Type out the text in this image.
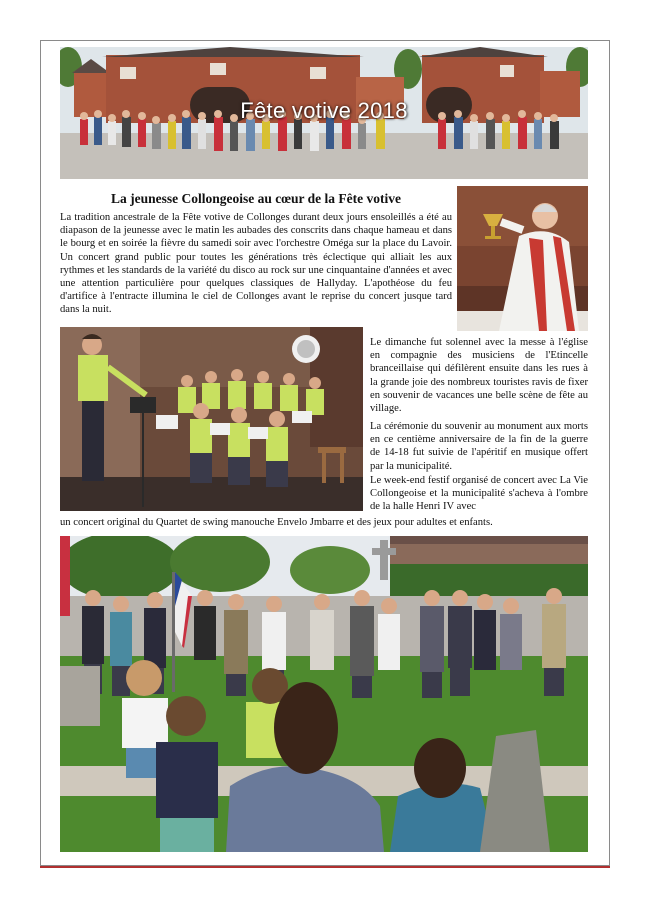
Fête votive 2018
La jeunesse Collongeoise au cœur de la Fête votive

La tradition ancestrale de la Fête votive de Collonges durant deux jours ensoleillés a été au diapason de la jeunesse avec le matin les aubades des conscrits dans chaque hameau et dans le bourg et en soirée la fièvre du samedi soir avec l'orchestre Oméga sur la place du Lavoir. Un concert grand public pour toutes les générations très éclectique qui alliait les aux rythmes et les standards de la variété du disco au rock sur une cinquantaine d'années et avec une attention particulière pour quelques classiques de Hallyday. L'apothéose du feu d'artifice à l'entracte illumina le ciel de Collonges avant le reprise du concert jusque tard dans la nuit.

Le dimanche fut solennel avec la messe à l'église en compagnie des musiciens de l'Etincelle branceillaise qui défilèrent ensuite dans les rues à la grande joie des nombreux touristes ravis de fixer en souvenir de vacances une belle scène de fête au village.

La cérémonie du souvenir au monument aux morts en ce centième anniversaire de la fin de la guerre de 14-18 fut suivie de l'apéritif en musique offert par la municipalité.

Le week-end festif organisé de concert avec La Vie Collongeoise et la municipalité s'acheva à l'ombre de la halle Henri IV avec

un concert original du Quartet de swing manouche Envelo Jmbarre et des jeux pour adultes et enfants.
